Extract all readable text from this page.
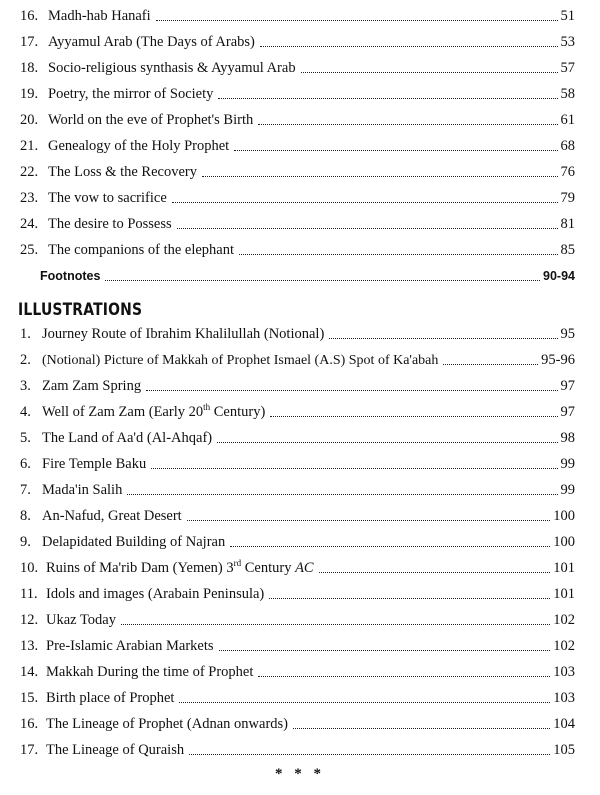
16. Madh-hab Hanafi	51
17. Ayyamul Arab (The Days of Arabs)	53
18. Socio-religious synthasis & Ayyamul Arab	57
19. Poetry, the mirror of Society	58
20. World on the eve of Prophet's Birth	61
21. Genealogy of the Holy Prophet	68
22. The Loss & the Recovery	76
23. The vow to sacrifice	79
24. The desire to Possess	81
25. The companions of the elephant	85
Footnotes	90-94
ILLUSTRATIONS
1. Journey Route of Ibrahim Khalilullah (Notional)	95
2. (Notional) Picture of Makkah of Prophet Ismael (A.S) Spot of Ka'abah	95-96
3. Zam Zam Spring	97
4. Well of Zam Zam (Early 20th Century)	97
5. The Land of Aa'd (Al-Ahqaf)	98
6. Fire Temple Baku	99
7. Mada'in Salih	99
8. An-Nafud, Great Desert	100
9. Delapidated Building of Najran	100
10. Ruins of Ma'rib Dam (Yemen) 3rd Century AC	101
11. Idols and images (Arabain Peninsula)	101
12. Ukaz Today	102
13. Pre-Islamic Arabian Markets	102
14. Makkah During the time of Prophet	103
15. Birth place of Prophet	103
16. The Lineage of Prophet (Adnan onwards)	104
17. The Lineage of Quraish	105
* * *
